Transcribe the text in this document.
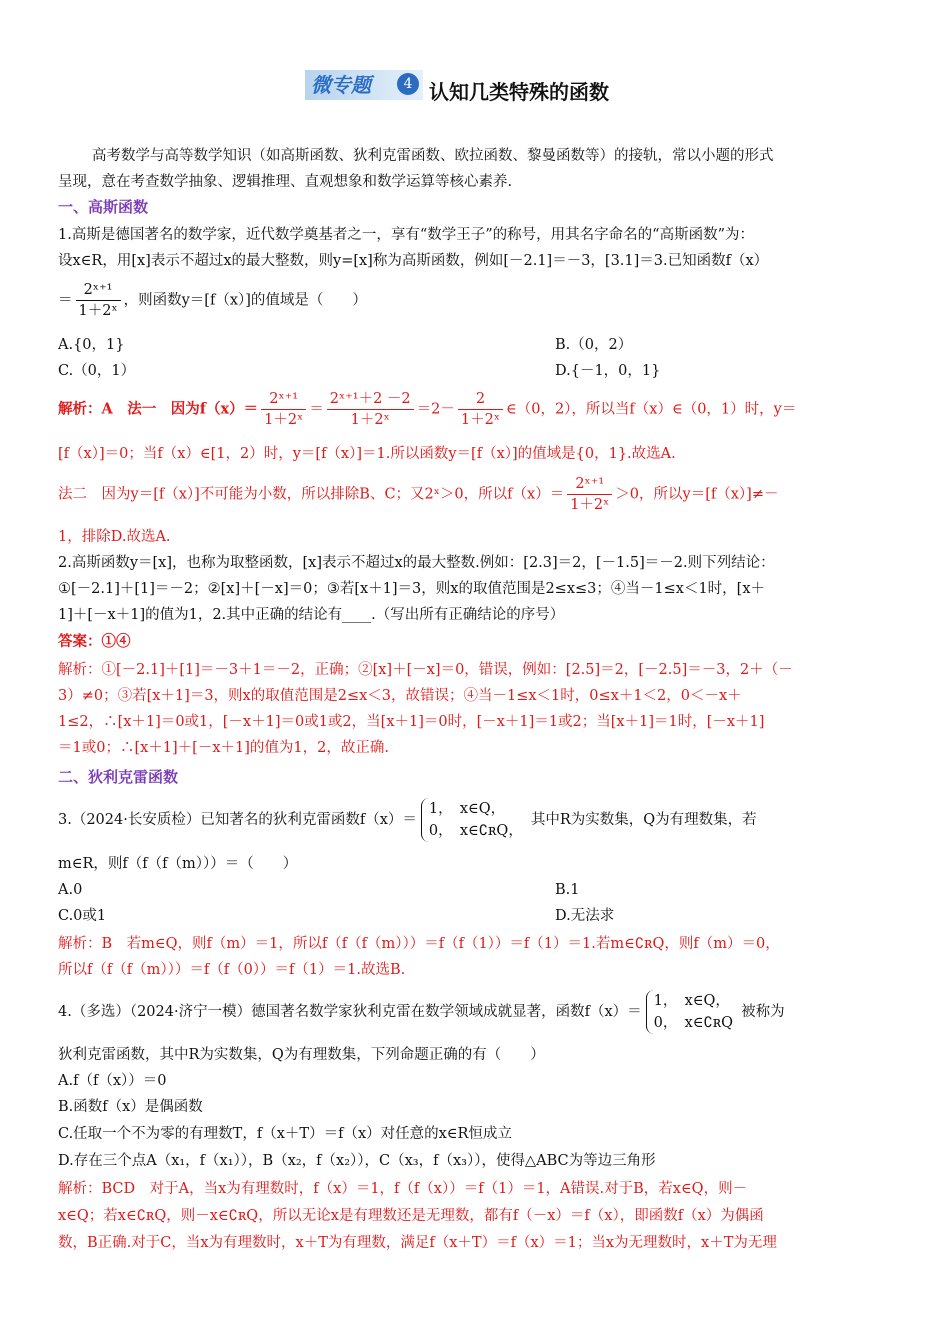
微专题	4 认知几类特殊的函数
高考数学与高等数学知识（如高斯函数、狄利克雷函数、欧拉函数、黎曼函数等）的接轨，常以小题的形式
呈现，意在考查数学抽象、逻辑推理、直观想象和数学运算等核心素养.
一、高斯函数
1.高斯是德国著名的数学家，近代数学奠基者之一，享有“数学王子”的称号，用其名字命名的“高斯函数”为：
设x∈R，用[x]表示不超过x的最大整数，则y=[x]称为高斯函数，例如[－2.1]＝－3，[3.1]＝3.已知函数f（x）
＝ $\frac{\text{2ˣ⁺¹}}{\text{1＋2ˣ}}$ ，则函数y＝[f（x）]的值域是（　　）
A.{0，1}	B.（0，2）
C.（0，1）	D.{－1，0，1}
解析：A　法一　因为$f(x)= \frac{\text{2ˣ⁺¹}}{\text{1＋2ˣ}} = \frac{\text{2ˣ⁺¹＋2 －2}}{\text{1＋2ˣ}} =2- \frac{2}{\text{1＋2ˣ}}$ ∈（0，2），所以当f（x）∈（0，1）时，y＝
[f（x）]＝0；当f（x）∈[1，2）时，y＝[f（x）]＝1.所以函数y＝[f（x）]的值域是{0，1}.故选A.
法二　因为y＝[f（x）]不可能为小数，所以排除B、C；又2ˣ＞0，所以$f(x)= \frac{\text{2ˣ⁺¹}}{\text{1＋2ˣ}} >0$，所以y＝[f（x）]≠－
1，排除D.故选A.
2.高斯函数y＝[x]，也称为取整函数，[x]表示不超过x的最大整数.例如：[2.3]＝2，[－1.5]＝－2.则下列结论：
①[－2.1]＋[1]＝－2；②[x]＋[－x]＝0；③若[x＋1]＝3，则x的取值范围是2≤x≤3；④当－1≤x＜1时，[x＋
1]＋[－x＋1]的值为1，2.其中正确的结论有____.（写出所有正确结论的序号）
答案：①④
解析：①[－2.1]＋[1]＝－3＋1＝－2，正确；②[x]＋[－x]＝0，错误，例如：[2.5]＝2，[－2.5]＝－3，2＋（－
3）≠0；③若[x＋1]＝3，则x的取值范围是2≤x＜3，故错误；④当－1≤x＜1时，0≤x＋1＜2，0＜－x＋
1≤2，∴[x＋1]＝0或1，[－x＋1]＝0或1或2，当[x＋1]＝0时，[－x＋1]＝1或2；当[x＋1]＝1时，[－x＋1]
＝1或0；∴[x＋1]＋[－x＋1]的值为1，2，故正确.
二、狄利克雷函数
3.（2024·长安质检）已知著名的狄利克雷函数f（x）＝
1，　x∈Q，
0，　x∈∁ʀQ，
其中R为实数集，Q为有理数集，若
m∈R，则f（f（f（m）））＝（　　）
A.0	B.1
C.0或1	D.无法求
解析：B　若m∈Q，则f（m）＝1，所以f（f（f（m）））＝f（f（1））＝f（1）＝1.若m∈∁ʀQ，则f（m）＝0，
所以f（f（f（m）））＝f（f（0））＝f（1）＝1.故选B.
4.（多选）（2024·济宁一模）德国著名数学家狄利克雷在数学领域成就显著，函数f（x）＝
1，　x∈Q，
0，　x∈∁ʀQ
被称为
狄利克雷函数，其中R为实数集，Q为有理数集，下列命题正确的有（　　）
A.f（f（x））＝0
B.函数f（x）是偶函数
C.任取一个不为零的有理数T，f（x＋T）＝f（x）对任意的x∈R恒成立
D.存在三个点A（x₁，f（x₁）），B（x₂，f（x₂）），C（x₃，f（x₃）），使得△ABC为等边三角形
解析：BCD　对于A，当x为有理数时，f（x）＝1，f（f（x））＝f（1）＝1，A错误.对于B，若x∈Q，则－
x∈Q；若x∈∁ʀQ，则－x∈∁ʀQ，所以无论x是有理数还是无理数，都有f（－x）＝f（x），即函数f（x）为偶函
数，B正确.对于C，当x为有理数时，x＋T为有理数，满足f（x＋T）＝f（x）＝1；当x为无理数时，x＋T为无理
